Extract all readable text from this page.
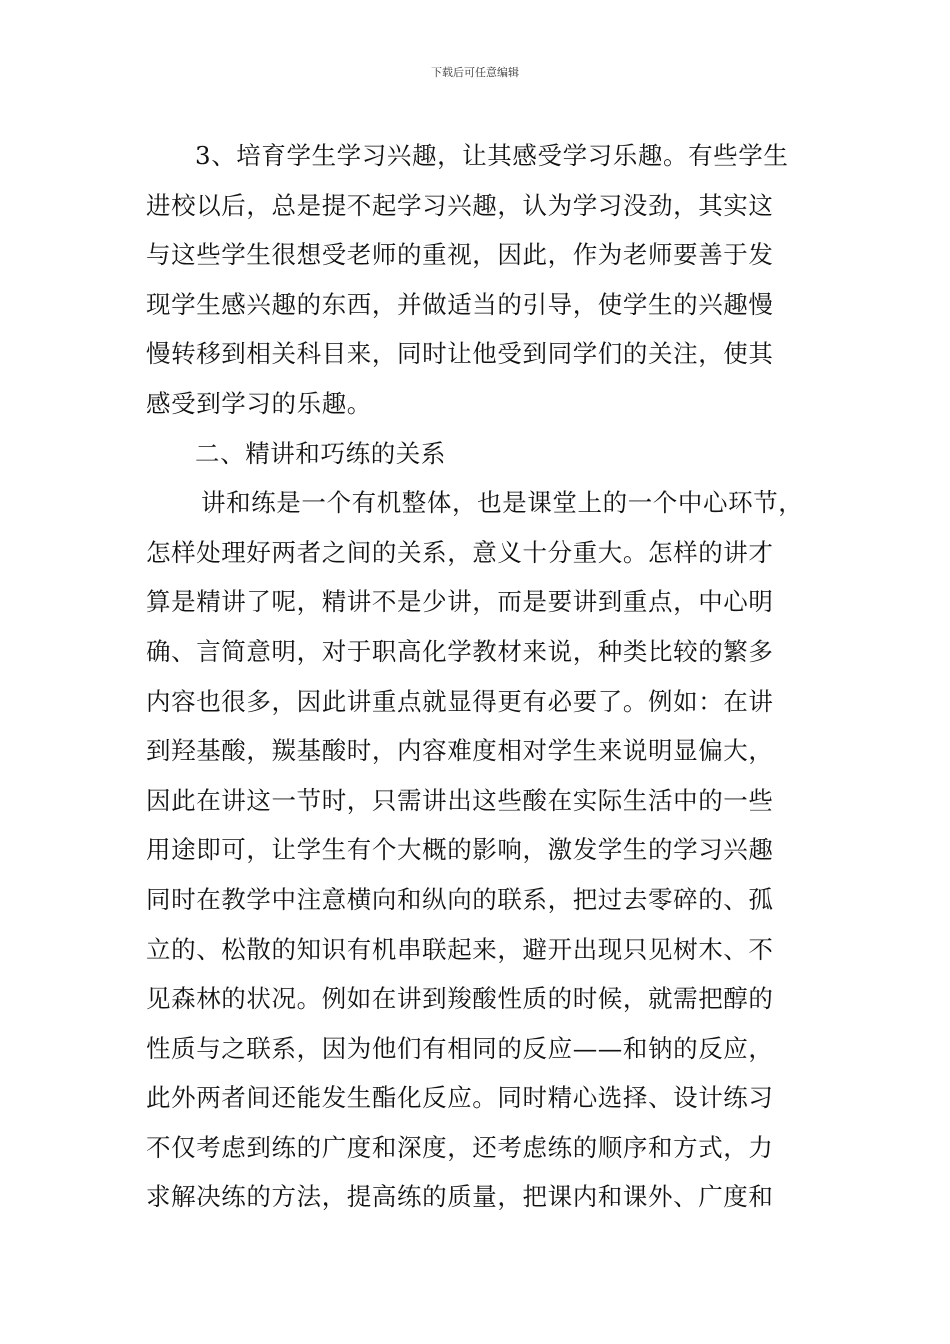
下载后可任意编辑
3、培育学生学习兴趣，让其感受学习乐趣。有些学生
进校以后，总是提不起学习兴趣，认为学习没劲，其实这
与这些学生很想受老师的重视，因此，作为老师要善于发
现学生感兴趣的东西，并做适当的引导，使学生的兴趣慢
慢转移到相关科目来，同时让他受到同学们的关注，使其
感受到学习的乐趣。
二、精讲和巧练的关系
讲和练是一个有机整体，也是课堂上的一个中心环节，
怎样处理好两者之间的关系，意义十分重大。怎样的讲才
算是精讲了呢，精讲不是少讲，而是要讲到重点，中心明
确、言简意明，对于职高化学教材来说，种类比较的繁多
内容也很多，因此讲重点就显得更有必要了。例如：在讲
到羟基酸，羰基酸时，内容难度相对学生来说明显偏大，
因此在讲这一节时，只需讲出这些酸在实际生活中的一些
用途即可，让学生有个大概的影响，激发学生的学习兴趣
同时在教学中注意横向和纵向的联系，把过去零碎的、孤
立的、松散的知识有机串联起来，避开出现只见树木、不
见森林的状况。例如在讲到羧酸性质的时候，就需把醇的
性质与之联系，因为他们有相同的反应——和钠的反应，
此外两者间还能发生酯化反应。同时精心选择、设计练习
不仅考虑到练的广度和深度，还考虑练的顺序和方式，力
求解决练的方法，提高练的质量，把课内和课外、广度和
